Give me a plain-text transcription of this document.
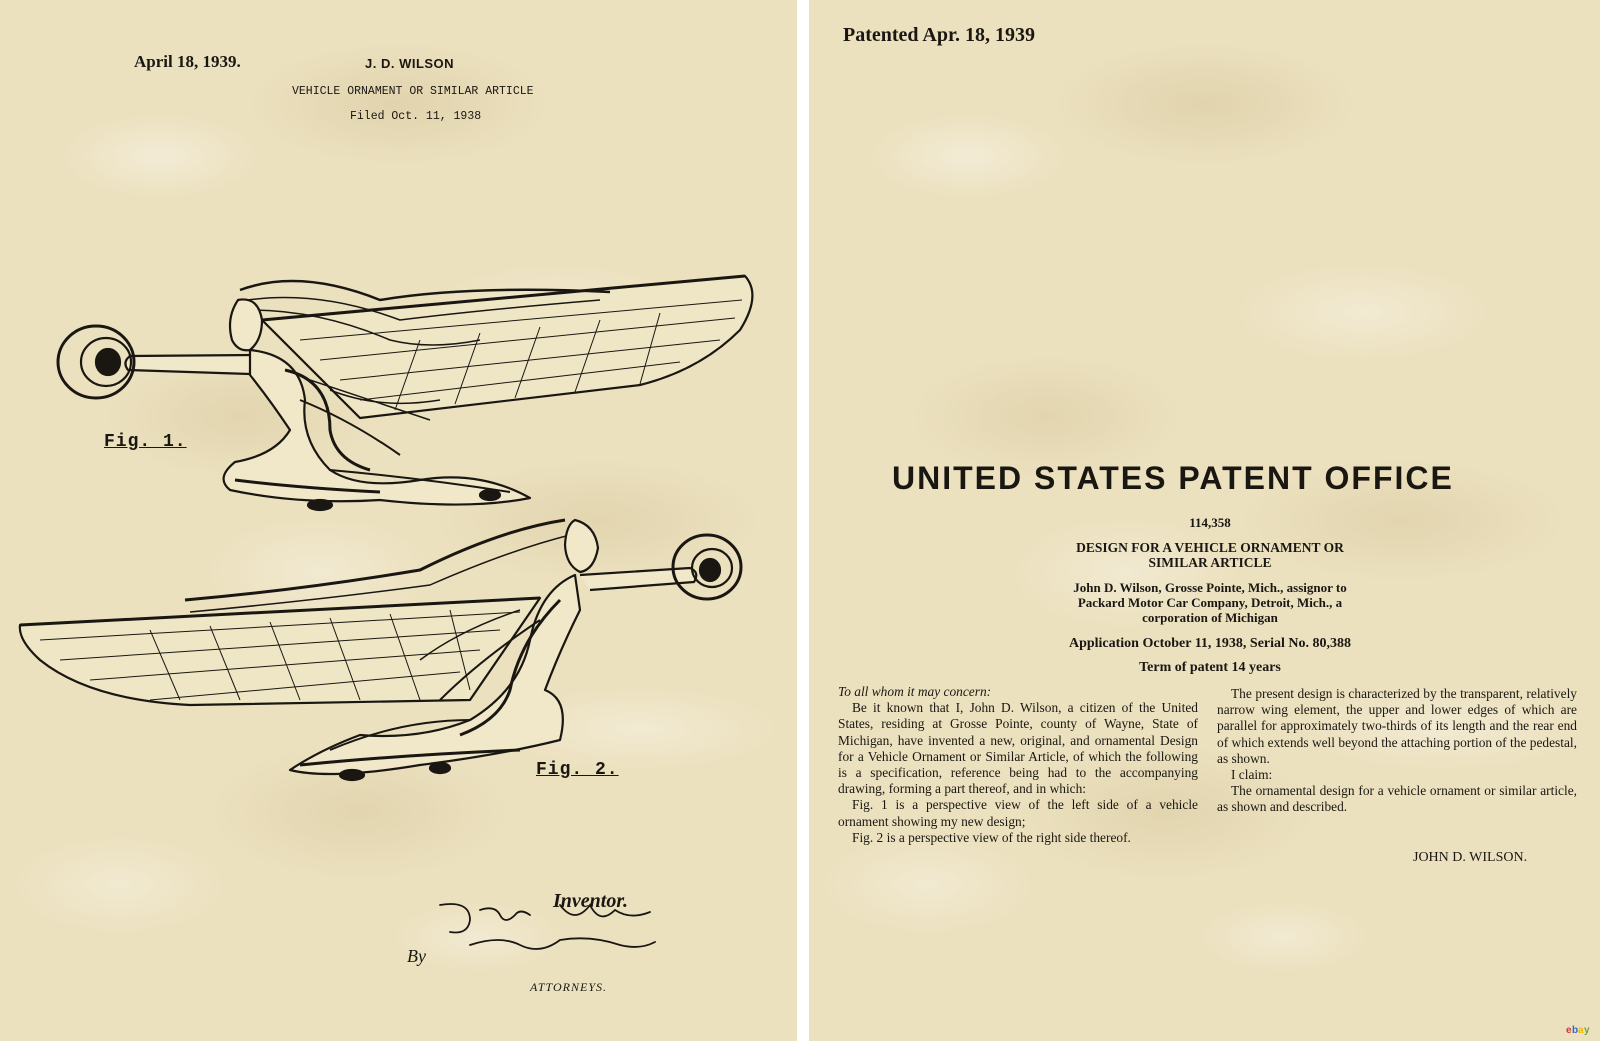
April 18, 1939.	J. D. WILSON
VEHICLE ORNAMENT OR SIMILAR ARTICLE
Filed Oct. 11, 1938
Fig. 1.
Fig. 2.
Inventor.
By
ATTORNEYS.
Patented Apr. 18, 1939
UNITED STATES PATENT OFFICE
114,358
DESIGN FOR A VEHICLE ORNAMENT OR
SIMILAR ARTICLE
John D. Wilson, Grosse Pointe, Mich., assignor to
Packard Motor Car Company, Detroit, Mich., a
corporation of Michigan
Application October 11, 1938, Serial No. 80,388
Term of patent 14 years

To all whom it may concern:

Be it known that I, John D. Wilson, a citizen of the United States, residing at Grosse Pointe, county of Wayne, State of Michigan, have invented a new, original, and ornamental Design for a Vehicle Ornament or Similar Article, of which the following is a specification, reference being had to the accompanying drawing, forming a part thereof, and in which:

Fig. 1 is a perspective view of the left side of a vehicle ornament showing my new design;

Fig. 2 is a perspective view of the right side thereof.

The present design is characterized by the transparent, relatively narrow wing element, the upper and lower edges of which are parallel for approximately two-thirds of its length and the rear end of which extends well beyond the attaching portion of the pedestal, as shown.

I claim:

The ornamental design for a vehicle ornament or similar article, as shown and described.

JOHN D. WILSON.
e b a y
